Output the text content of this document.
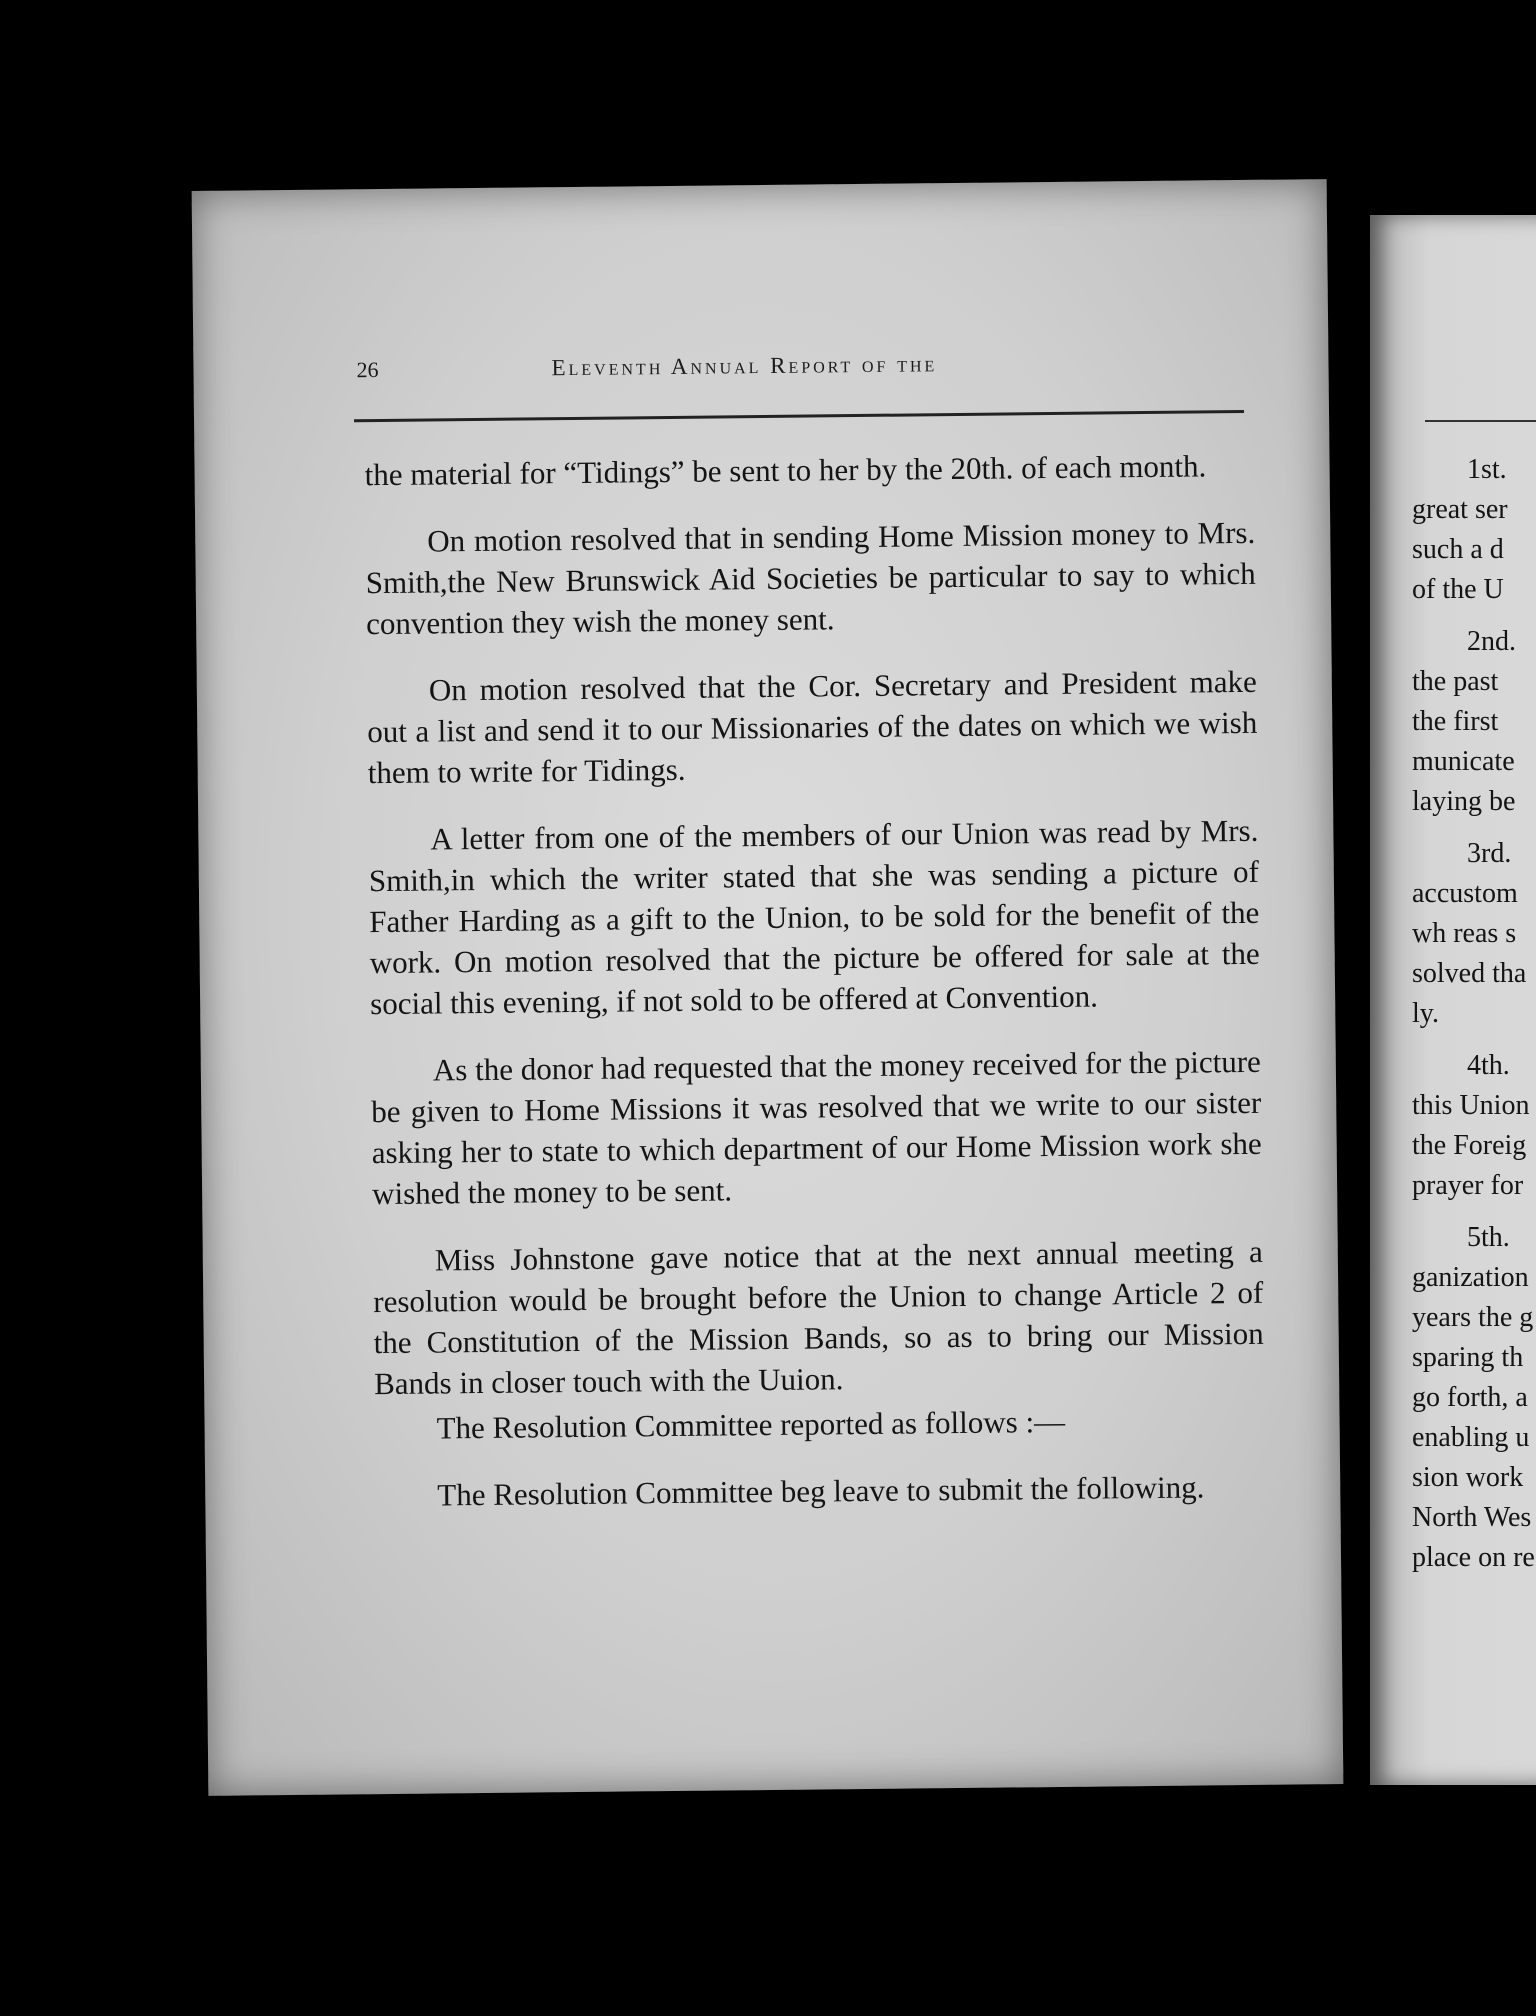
26	Eleventh Annual Report of the

the material for “Tidings” be sent to her by the 20th. of each month.

On motion resolved that in sending Home Mission money to Mrs. Smith,the New Brunswick Aid Societies be particular to say to which convention they wish the money sent.

On motion resolved that the Cor. Secretary and President make out a list and send it to our Missionaries of the dates on which we wish them to write for Tidings.

A letter from one of the members of our Union was read by Mrs. Smith,in which the writer stated that she was sending a picture of Father Harding as a gift to the Union, to be sold for the benefit of the work. On motion resolved that the picture be offered for sale at the social this evening, if not sold to be offered at Convention.

As the donor had requested that the money received for the picture be given to Home Missions it was resolved that we write to our sister asking her to state to which department of our Home Mission work she wished the money to be sent.

Miss Johnstone gave notice that at the next annual meeting a resolution would be brought before the Union to change Article 2 of the Constitution of the Mission Bands, so as to bring our Mission Bands in closer touch with the Uuion.

The Resolution Committee reported as follows :—

The Resolution Committee beg leave to submit the following.

1st.
great ser
such a d
of the U
2nd.
the past
the first
municate
laying be
3rd.
accustom
wh reas s
solved tha
ly.
4th.
this Union
the Foreig
prayer for
5th.
ganization
years the g
sparing th
go forth, a
enabling u
sion work
North Wes
place on re
